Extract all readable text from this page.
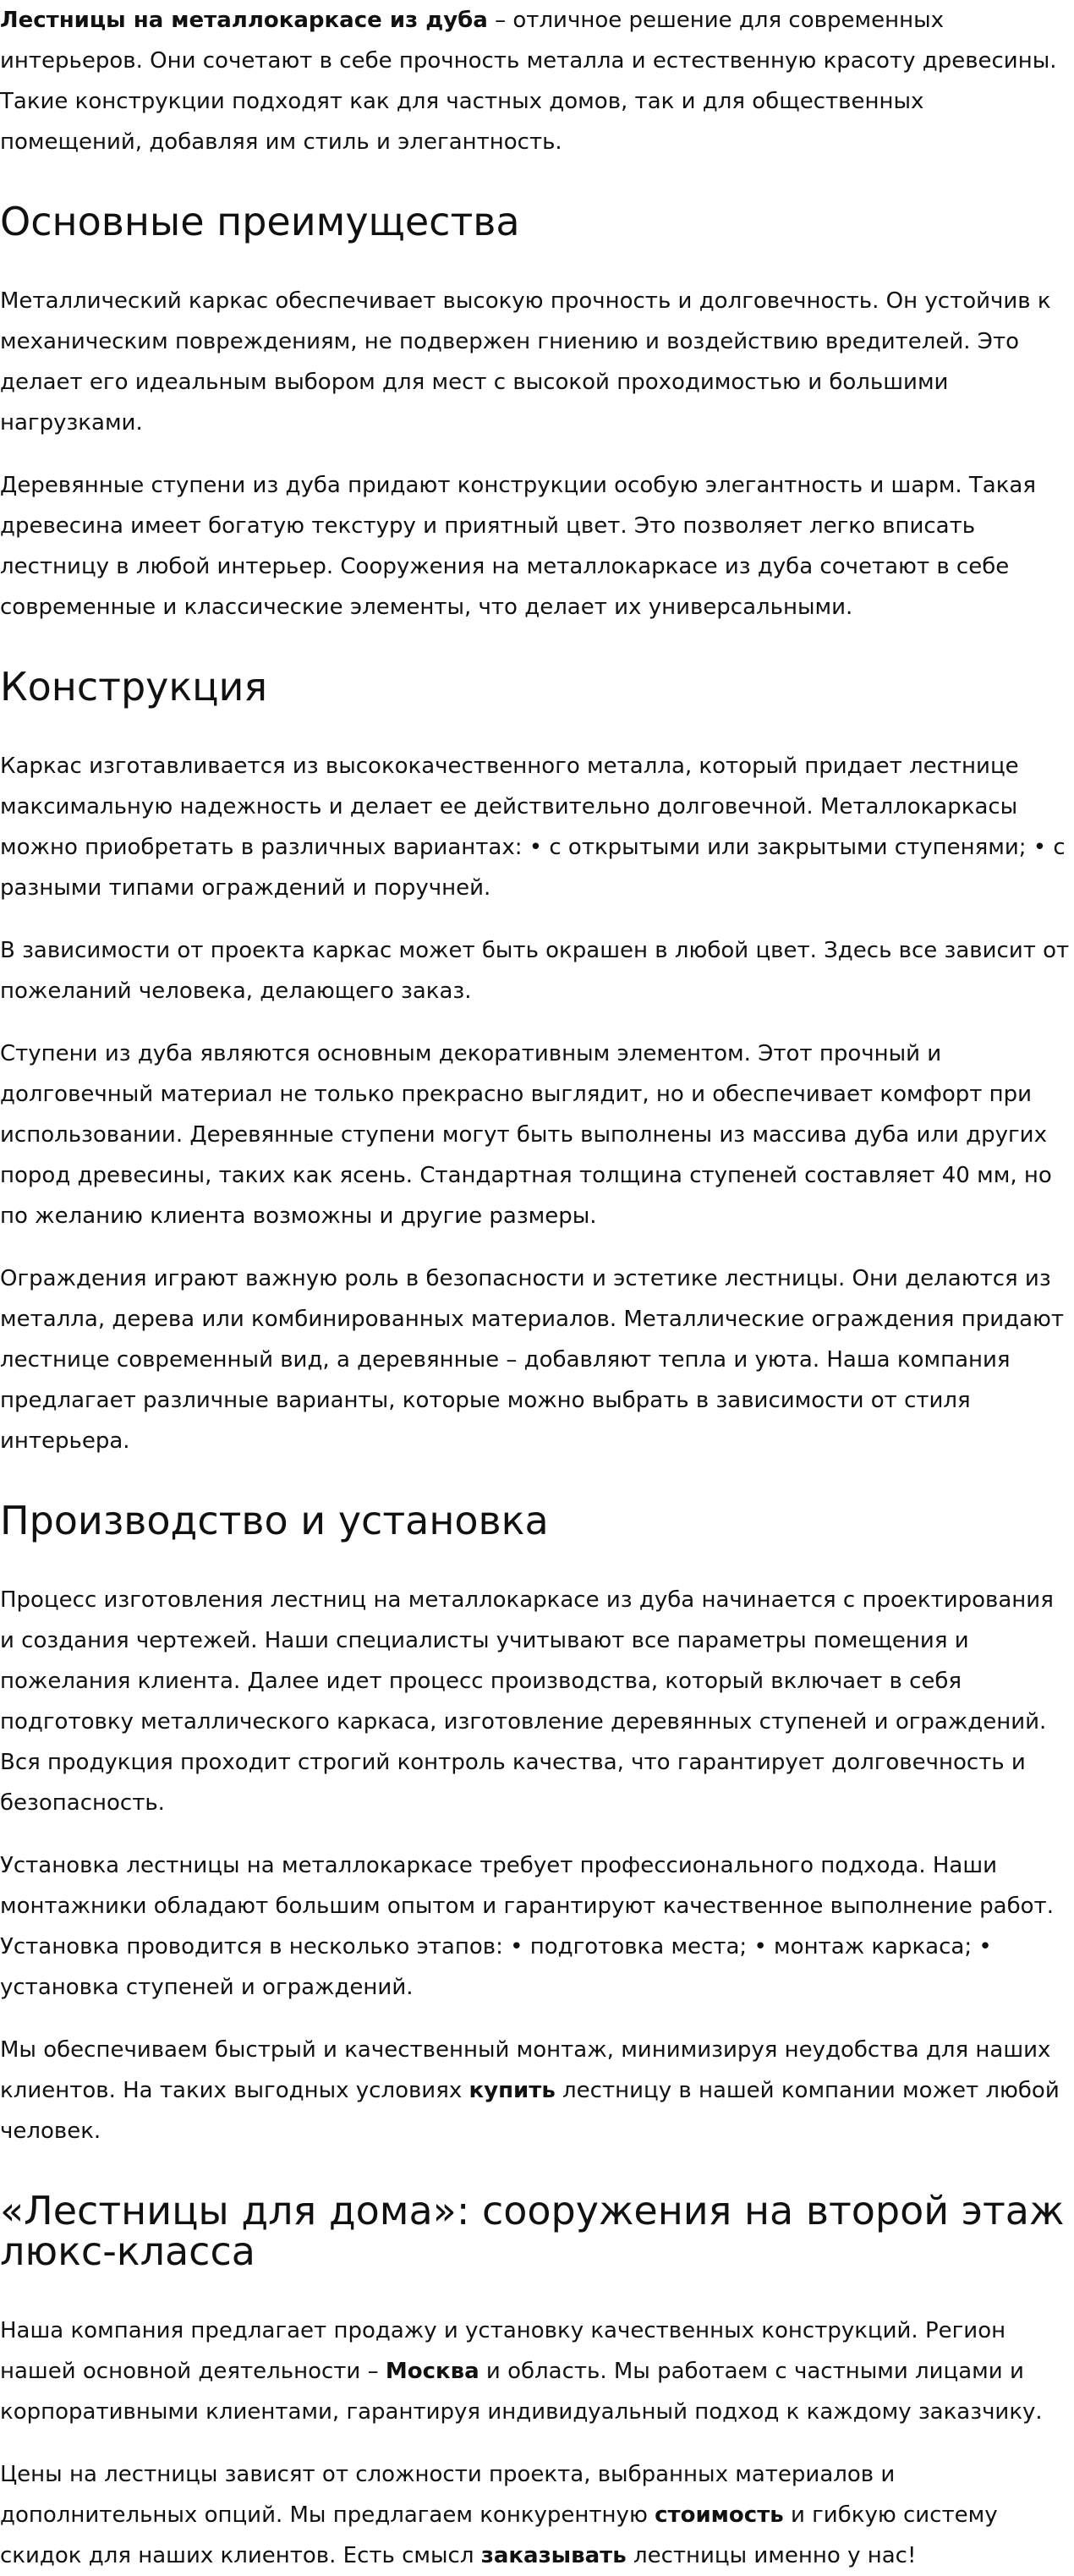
Лестницы на металлокаркасе из дуба – отличное решение для современных интерьеров. Они сочетают в себе прочность металла и естественную красоту древесины. Такие конструкции подходят как для частных домов, так и для общественных помещений, добавляя им стиль и элегантность.

Основные преимущества

Металлический каркас обеспечивает высокую прочность и долговечность. Он устойчив к механическим повреждениям, не подвержен гниению и воздействию вредителей. Это делает его идеальным выбором для мест с высокой проходимостью и большими нагрузками.

Деревянные ступени из дуба придают конструкции особую элегантность и шарм. Такая древесина имеет богатую текстуру и приятный цвет. Это позволяет легко вписать лестницу в любой интерьер. Сооружения на металлокаркасе из дуба сочетают в себе современные и классические элементы, что делает их универсальными.

Конструкция

Каркас изготавливается из высококачественного металла, который придает лестнице максимальную надежность и делает ее действительно долговечной. Металлокаркасы можно приобретать в различных вариантах: • с открытыми или закрытыми ступенями; • с разными типами ограждений и поручней.

В зависимости от проекта каркас может быть окрашен в любой цвет. Здесь все зависит от пожеланий человека, делающего заказ.

Ступени из дуба являются основным декоративным элементом. Этот прочный и долговечный материал не только прекрасно выглядит, но и обеспечивает комфорт при использовании. Деревянные ступени могут быть выполнены из массива дуба или других пород древесины, таких как ясень. Стандартная толщина ступеней составляет 40 мм, но по желанию клиента возможны и другие размеры.

Ограждения играют важную роль в безопасности и эстетике лестницы. Они делаются из металла, дерева или комбинированных материалов. Металлические ограждения придают лестнице современный вид, а деревянные – добавляют тепла и уюта. Наша компания предлагает различные варианты, которые можно выбрать в зависимости от стиля интерьера.

Производство и установка

Процесс изготовления лестниц на металлокаркасе из дуба начинается с проектирования и создания чертежей. Наши специалисты учитывают все параметры помещения и пожелания клиента. Далее идет процесс производства, который включает в себя подготовку металлического каркаса, изготовление деревянных ступеней и ограждений. Вся продукция проходит строгий контроль качества, что гарантирует долговечность и безопасность.

Установка лестницы на металлокаркасе требует профессионального подхода. Наши монтажники обладают большим опытом и гарантируют качественное выполнение работ. Установка проводится в несколько этапов: • подготовка места; • монтаж каркаса; • установка ступеней и ограждений.

Мы обеспечиваем быстрый и качественный монтаж, минимизируя неудобства для наших клиентов. На таких выгодных условиях купить лестницу в нашей компании может любой человек.

«Лестницы для дома»: сооружения на второй этаж люкс-класса

Наша компания предлагает продажу и установку качественных конструкций. Регион нашей основной деятельности – Москва и область. Мы работаем с частными лицами и корпоративными клиентами, гарантируя индивидуальный подход к каждому заказчику.

Цены на лестницы зависят от сложности проекта, выбранных материалов и дополнительных опций. Мы предлагаем конкурентную стоимость и гибкую систему скидок для наших клиентов. Есть смысл заказывать лестницы именно у нас!
